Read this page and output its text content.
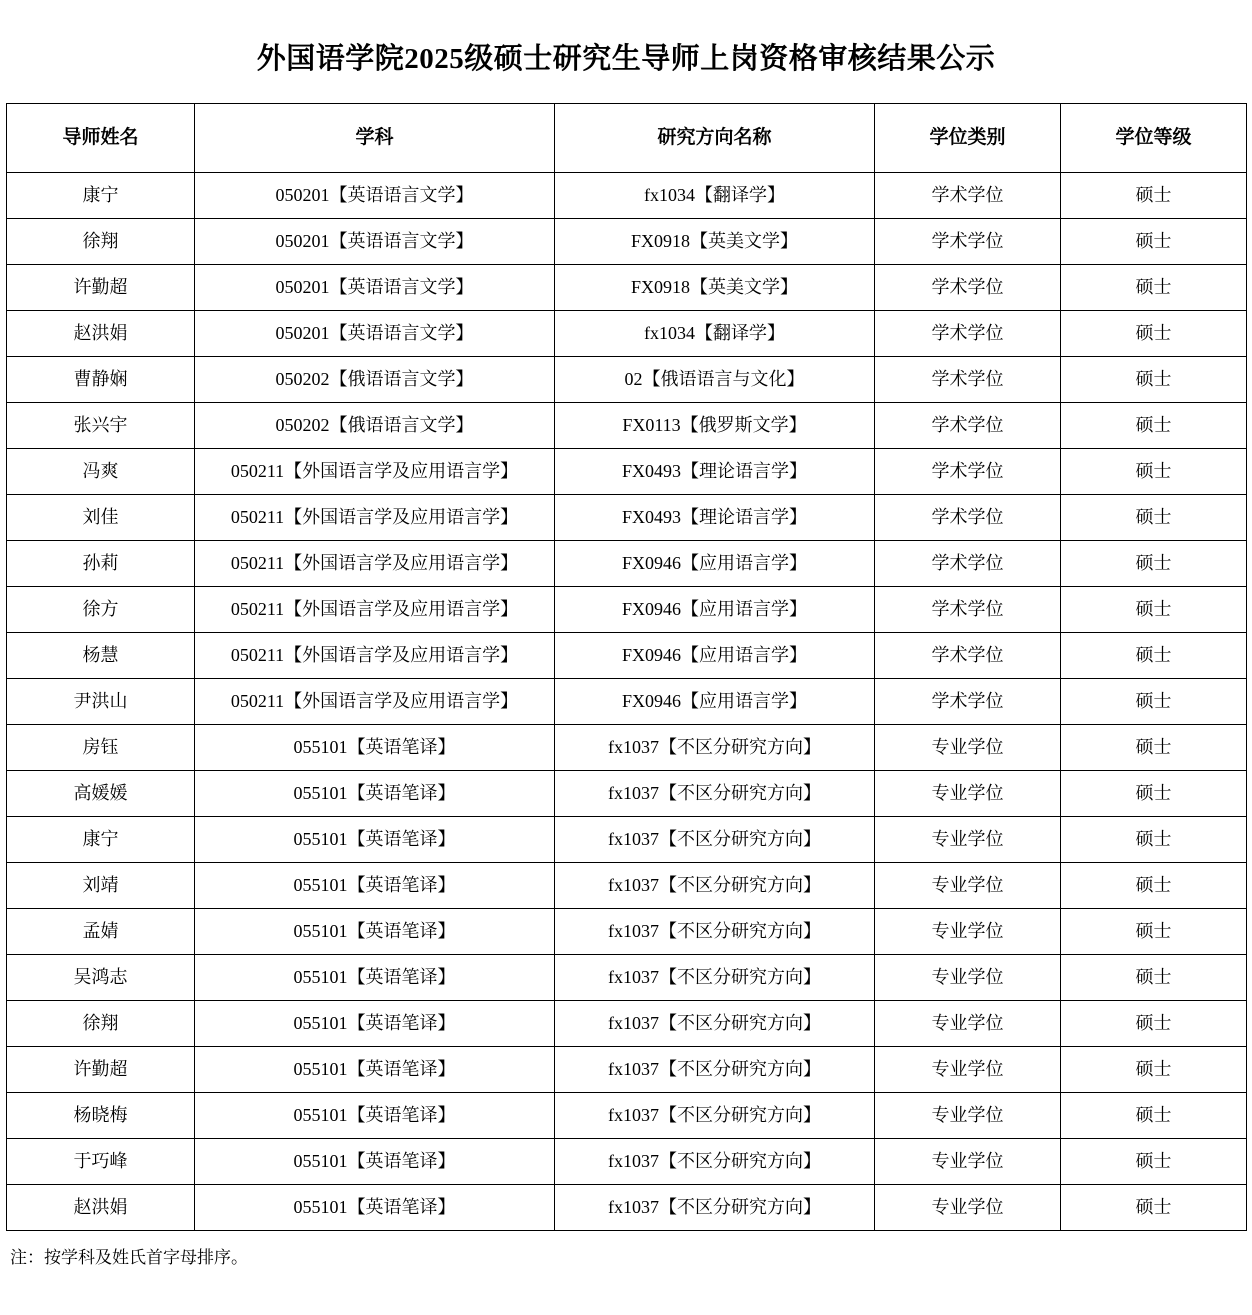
外国语学院2025级硕士研究生导师上岗资格审核结果公示
导师姓名	学科	研究方向名称	学位类别	学位等级
康宁	050201【英语语言文学】	fx1034【翻译学】	学术学位	硕士
徐翔	050201【英语语言文学】	FX0918【英美文学】	学术学位	硕士
许勤超	050201【英语语言文学】	FX0918【英美文学】	学术学位	硕士
赵洪娟	050201【英语语言文学】	fx1034【翻译学】	学术学位	硕士
曹静娴	050202【俄语语言文学】	02【俄语语言与文化】	学术学位	硕士
张兴宇	050202【俄语语言文学】	FX0113【俄罗斯文学】	学术学位	硕士
冯爽	050211【外国语言学及应用语言学】	FX0493【理论语言学】	学术学位	硕士
刘佳	050211【外国语言学及应用语言学】	FX0493【理论语言学】	学术学位	硕士
孙莉	050211【外国语言学及应用语言学】	FX0946【应用语言学】	学术学位	硕士
徐方	050211【外国语言学及应用语言学】	FX0946【应用语言学】	学术学位	硕士
杨慧	050211【外国语言学及应用语言学】	FX0946【应用语言学】	学术学位	硕士
尹洪山	050211【外国语言学及应用语言学】	FX0946【应用语言学】	学术学位	硕士
房钰	055101【英语笔译】	fx1037【不区分研究方向】	专业学位	硕士
高媛媛	055101【英语笔译】	fx1037【不区分研究方向】	专业学位	硕士
康宁	055101【英语笔译】	fx1037【不区分研究方向】	专业学位	硕士
刘靖	055101【英语笔译】	fx1037【不区分研究方向】	专业学位	硕士
孟婧	055101【英语笔译】	fx1037【不区分研究方向】	专业学位	硕士
吴鸿志	055101【英语笔译】	fx1037【不区分研究方向】	专业学位	硕士
徐翔	055101【英语笔译】	fx1037【不区分研究方向】	专业学位	硕士
许勤超	055101【英语笔译】	fx1037【不区分研究方向】	专业学位	硕士
杨晓梅	055101【英语笔译】	fx1037【不区分研究方向】	专业学位	硕士
于巧峰	055101【英语笔译】	fx1037【不区分研究方向】	专业学位	硕士
赵洪娟	055101【英语笔译】	fx1037【不区分研究方向】	专业学位	硕士
注：按学科及姓氏首字母排序。
